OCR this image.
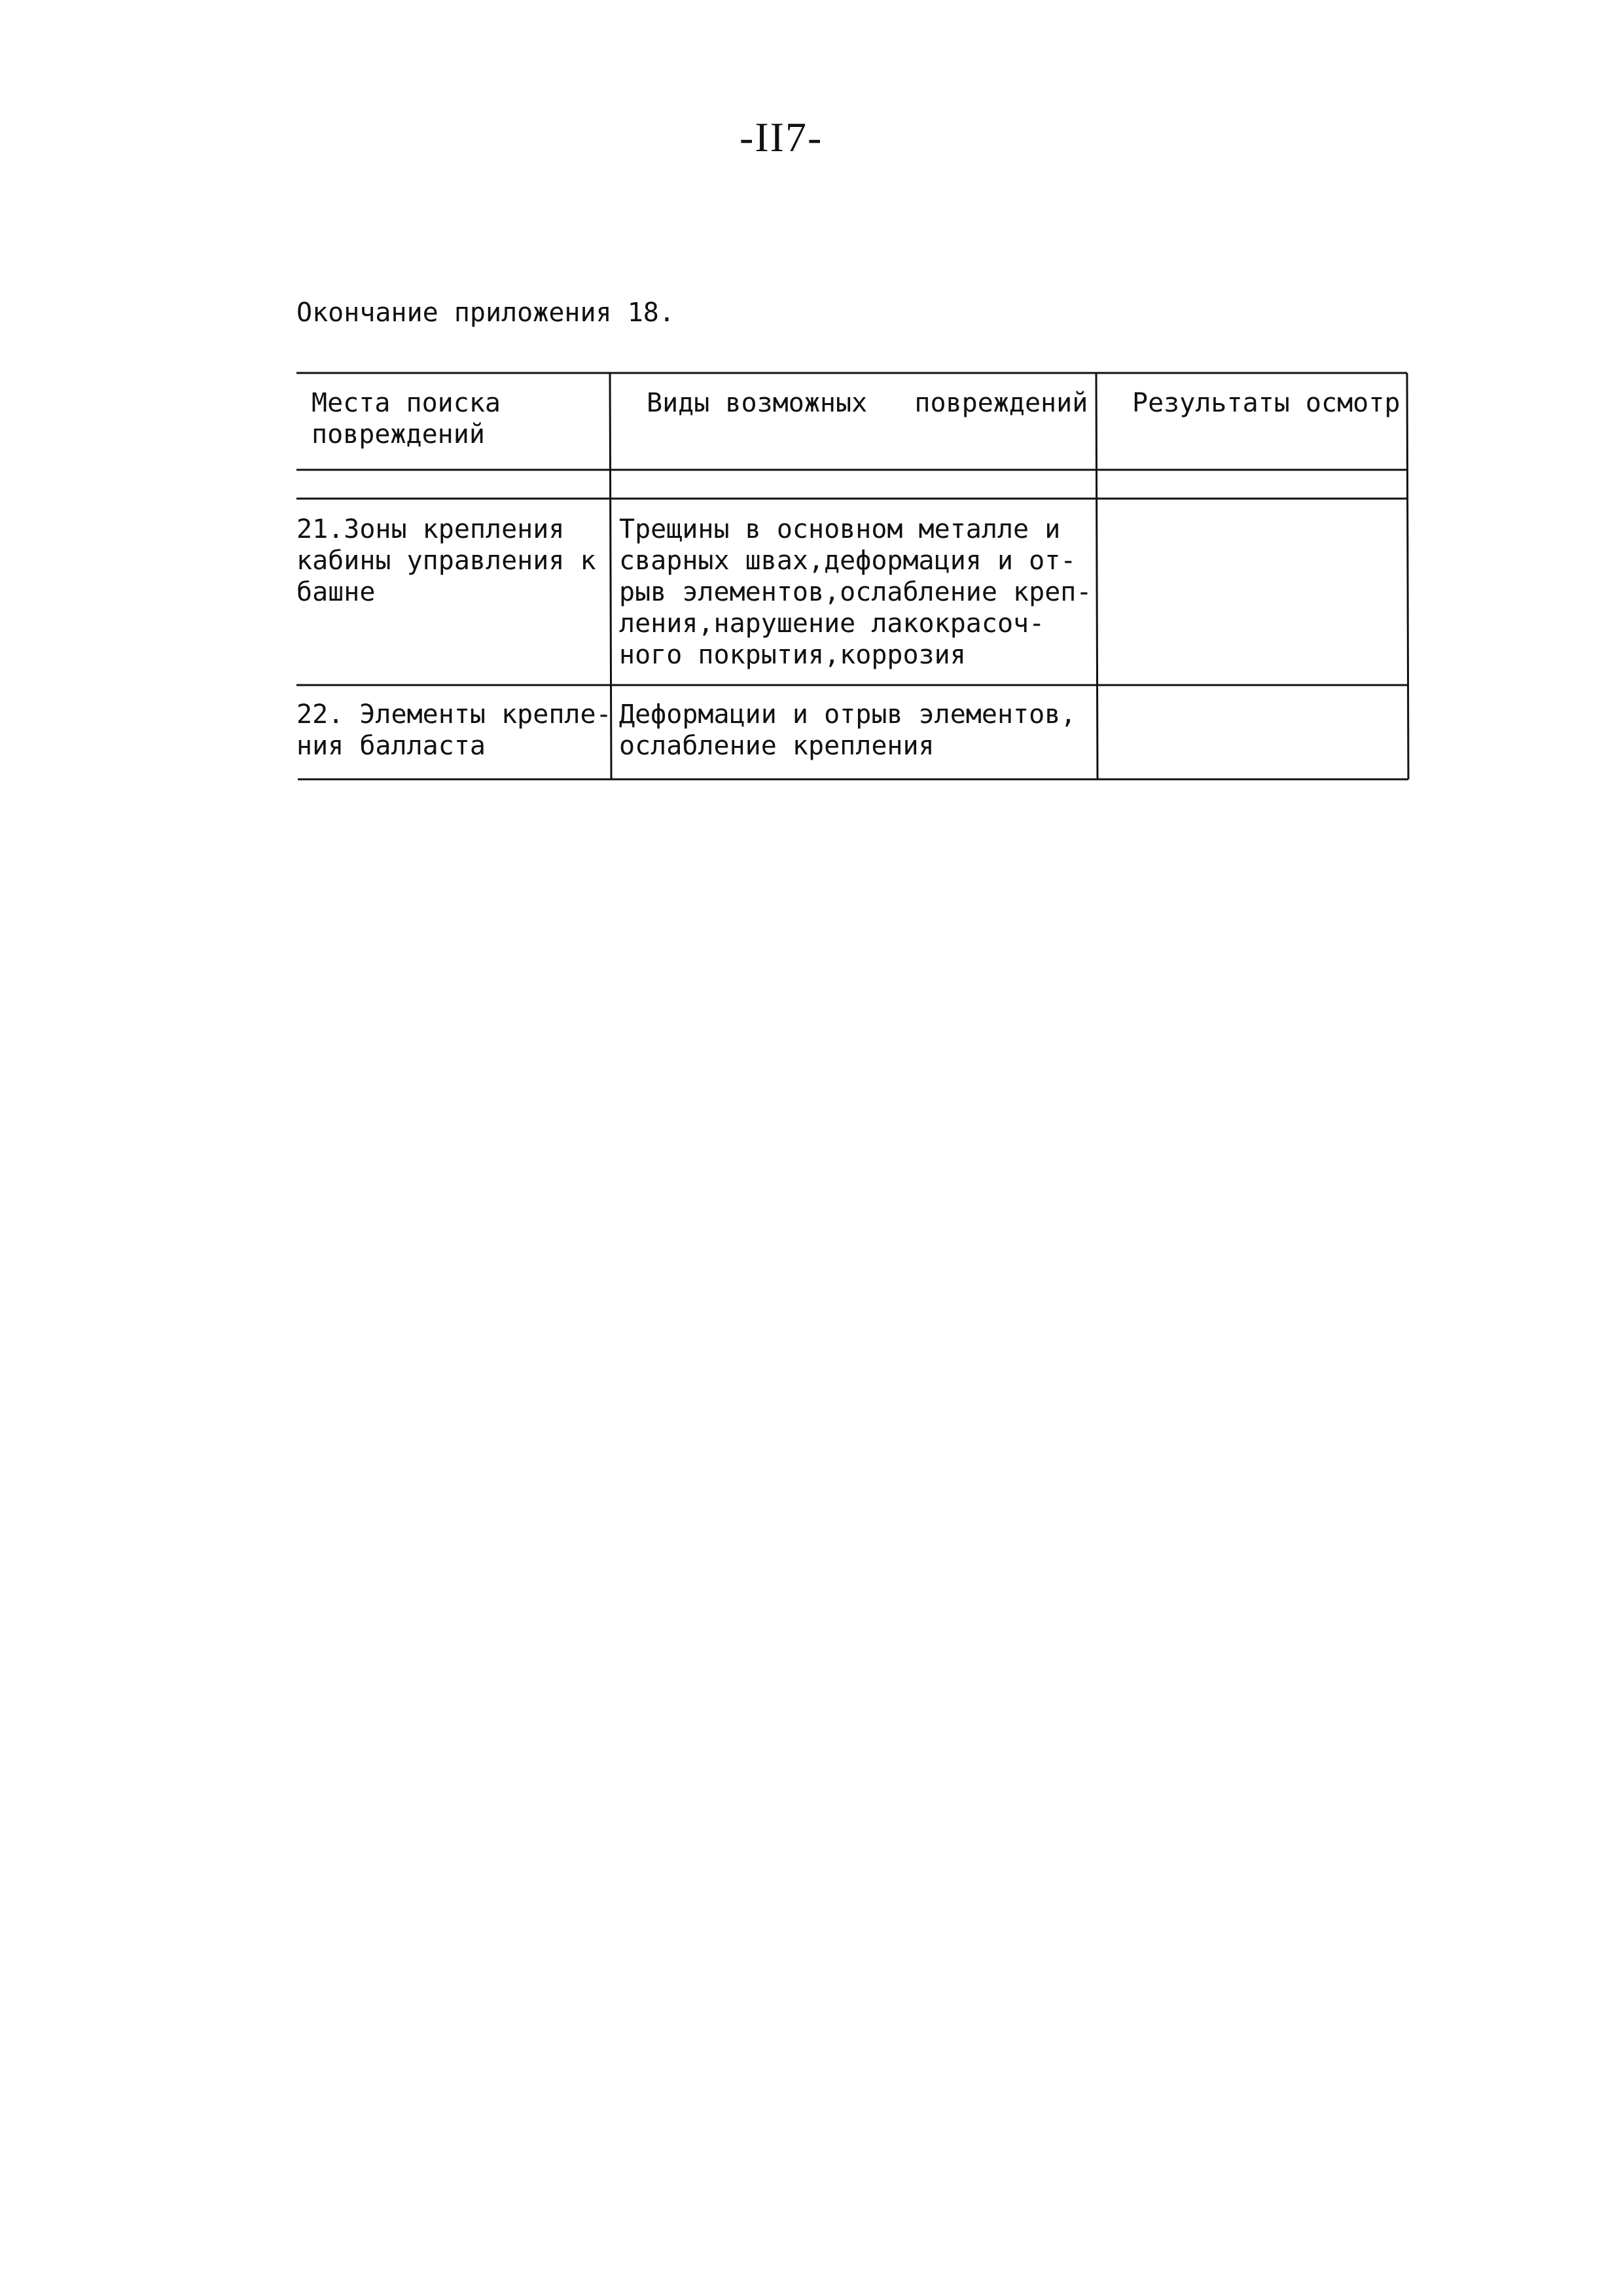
-II7-
Окончание приложения 18.
Места поиска
повреждений
Виды возможных   повреждений Результаты осмотр
21.Зоны крепления
кабины управления к
башне
Трещины в основном металле и
сварных швах,деформация и от-
рыв элементов,ослабление креп-
ления,нарушение лакокрасоч-
ного покрытия,коррозия
22. Элементы крепле-
ния балласта
Деформации и отрыв элементов,
ослабление крепления
